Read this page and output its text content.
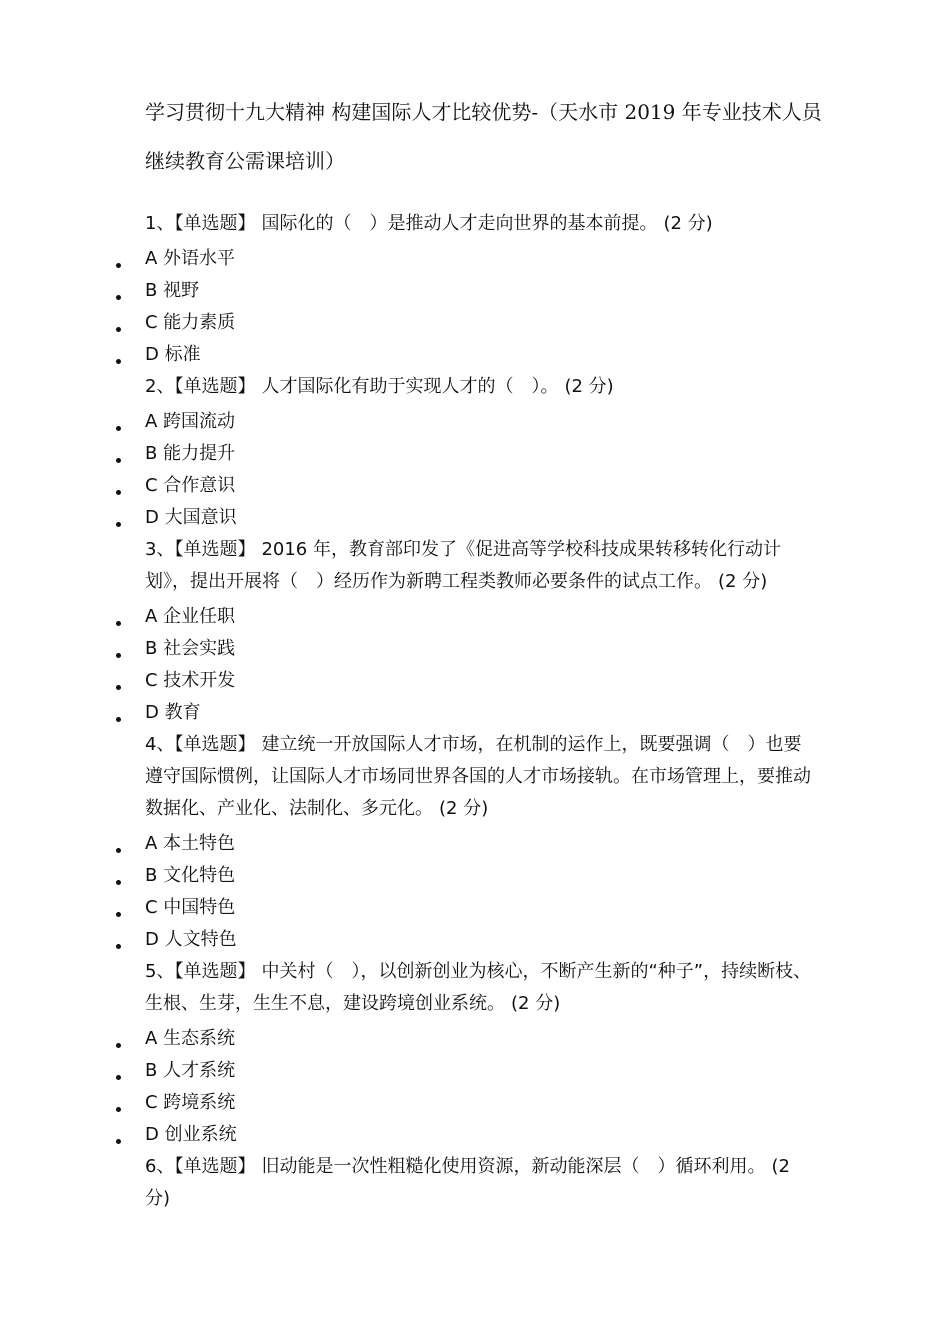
学习贯彻十九大精神 构建国际人才比较优势-（天水市 2019 年专业技术人员继续教育公需课培训）
1、【单选题】 国际化的（　）是推动人才走向世界的基本前提。 (2 分)
A 外语水平
B 视野
C 能力素质
D 标准
2、【单选题】 人才国际化有助于实现人才的（　）。 (2 分)
A 跨国流动
B 能力提升
C 合作意识
D 大国意识
3、【单选题】 2016 年，教育部印发了《促进高等学校科技成果转移转化行动计划》，提出开展将（　）经历作为新聘工程类教师必要条件的试点工作。 (2 分)
A 企业任职
B 社会实践
C 技术开发
D 教育
4、【单选题】 建立统一开放国际人才市场，在机制的运作上，既要强调（　）也要遵守国际惯例，让国际人才市场同世界各国的人才市场接轨。在市场管理上，要推动数据化、产业化、法制化、多元化。 (2 分)
A 本土特色
B 文化特色
C 中国特色
D 人文特色
5、【单选题】 中关村（　），以创新创业为核心，不断产生新的“种子”，持续断枝、生根、生芽，生生不息，建设跨境创业系统。 (2 分)
A 生态系统
B 人才系统
C 跨境系统
D 创业系统
6、【单选题】 旧动能是一次性粗糙化使用资源，新动能深层（　）循环利用。 (2 分)
